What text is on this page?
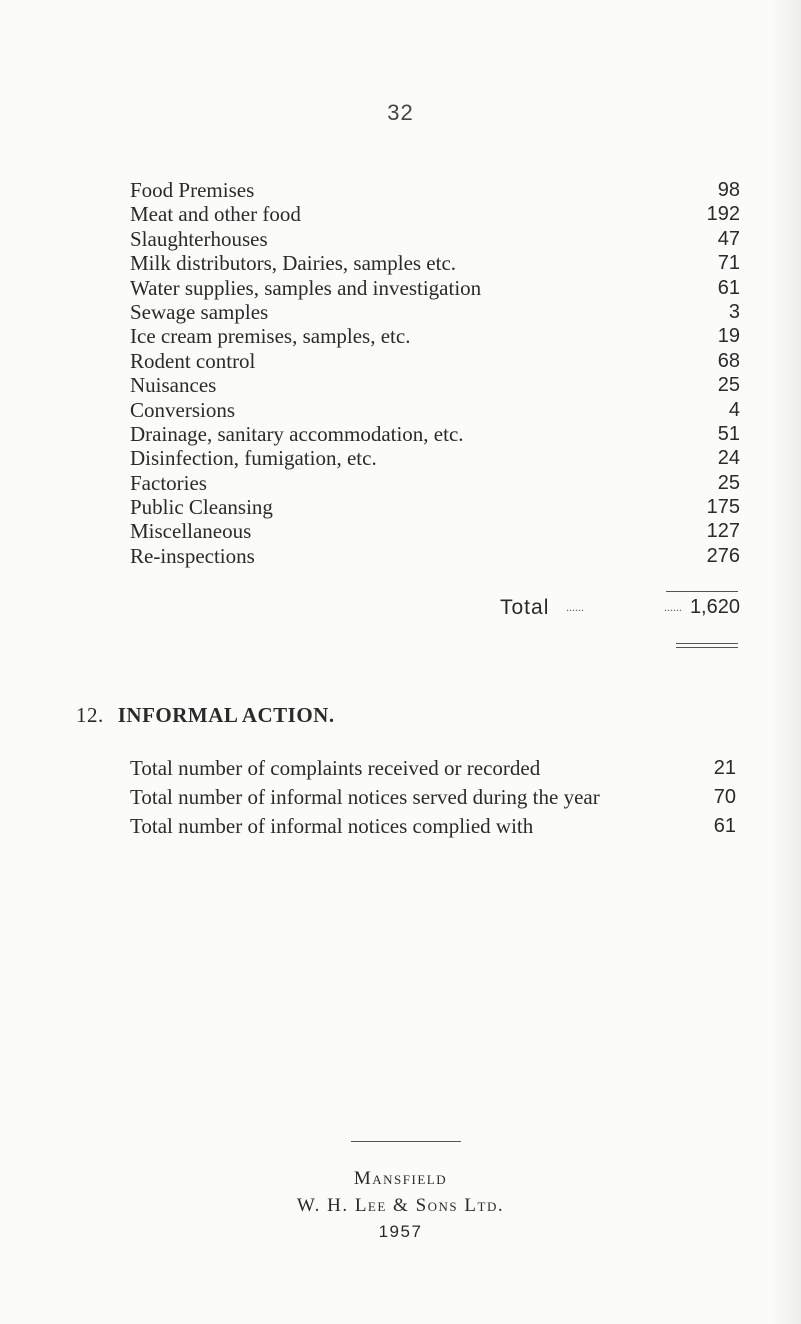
32
Food Premises	98
Meat and other food	192
Slaughterhouses	47
Milk distributors, Dairies, samples etc.	71
Water supplies, samples and investigation	61
Sewage samples	3
Ice cream premises, samples, etc.	19
Rodent control	68
Nuisances	25
Conversions	4
Drainage, sanitary accommodation, etc.	51
Disinfection, fumigation, etc.	24
Factories	25
Public Cleansing	175
Miscellaneous	127
Re-inspections	276
Total ......	...... 1,620
12. INFORMAL ACTION.
Total number of complaints received or recorded	21
Total number of informal notices served during the year	70
Total number of informal notices complied with	61
Mansfield
W. H. Lee & Sons Ltd.
1957
